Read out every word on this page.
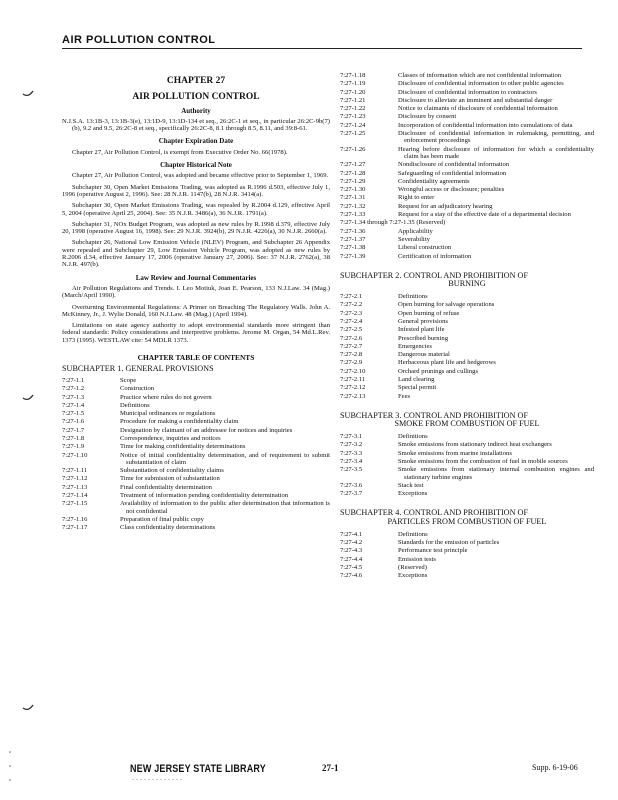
AIR POLLUTION CONTROL
CHAPTER 27
AIR POLLUTION CONTROL
Authority
N.J.S.A. 13:1B-3, 13:1B-3(e), 13:1D-9, 13:1D-134 et seq., 26:2C-1 et seq., in particular 26:2C-9b(7)(b), 9.2 and 9.5, 26:2C-8 et seq., specifically 26:2C-8, 8.1 through 8.5, 8.11, and 39:8-61.
Chapter Expiration Date
Chapter 27, Air Pollution Control, is exempt from Executive Order No. 66(1978).
Chapter Historical Note
Chapter 27, Air Pollution Control, was adopted and became effective prior to September 1, 1969.
Subchapter 30, Open Market Emissions Trading, was adopted as R.1996 d.503, effective July 1, 1996 (operative August 2, 1996). See: 28 N.J.R. 1147(b), 28 N.J.R. 3414(a).
Subchapter 30, Open Market Emissions Trading, was repealed by R.2004 d.129, effective April 5, 2004 (operative April 25, 2004). See: 35 N.J.R. 3486(a), 36 N.J.R. 1791(a).
Subchapter 31, NOx Budget Program, was adopted as new rules by R.1998 d.379, effective July 20, 1998 (operative August 16, 1998). See: 29 N.J.R. 3924(b), 29 N.J.R. 4226(a), 30 N.J.R. 2660(a).
Subchapter 26, National Low Emission Vehicle (NLEV) Program, and Subchapter 26 Appendix were repealed and Subchapter 29, Low Emission Vehicle Program, was adopted as new rules by R.2006 d.34, effective January 17, 2006 (operative January 27, 2006). See: 37 N.J.R. 2762(a), 38 N.J.R. 497(b).
Law Review and Journal Commentaries
Air Pollution Regulations and Trends. I. Leo Motiuk, Joan E. Pearson, 133 N.J.Law. 34 (Mag.) (March/April 1990).
Overturning Environmental Regulations: A Primer on Breaching The Regulatory Walls. John A. McKinney, Jr., J. Wylie Donald, 160 N.J.Law. 48 (Mag.) (April 1994).
Limitations on state agency authority to adopt environmental standards more stringent than federal standards: Policy considerations and interpretive problems. Jerome M. Organ, 54 Md.L.Rev. 1373 (1995). WESTLAW cite: 54 MDLR 1373.
CHAPTER TABLE OF CONTENTS
SUBCHAPTER 1. GENERAL PROVISIONS
7:27-1.1	Scope
7:27-1.2	Construction
7:27-1.3	Practice where rules do not govern
7:27-1.4	Definitions
7:27-1.5	Municipal ordinances or regulations
7:27-1.6	Procedure for making a confidentiality claim
7:27-1.7	Designation by claimant of an addressee for notices and inquiries
7:27-1.8	Correspondence, inquiries and notices
7:27-1.9	Time for making confidentiality determinations
7:27-1.10	Notice of initial confidentiality determination, and of requirement to submit substantiation of claim
7:27-1.11	Substantiation of confidentiality claims
7:27-1.12	Time for submission of substantiation
7:27-1.13	Final confidentiality determination
7:27-1.14	Treatment of information pending confidentiality determination
7:27-1.15	Availability of information to the public after determination that information is not confidential
7:27-1.16	Preparation of final public copy
7:27-1.17	Class confidentiality determinations
7:27-1.18	Classes of information which are not confidential information
7:27-1.19	Disclosure of confidential information to other public agencies
7:27-1.20	Disclosure of confidential information to contractors
7:27-1.21	Disclosure to alleviate an imminent and substantial danger
7:27-1.22	Notice to claimants of disclosure of confidential information
7:27-1.23	Disclosure by consent
7:27-1.24	Incorporation of confidential information into cumulations of data
7:27-1.25	Disclosure of confidential information in rulemaking, permitting, and enforcement proceedings
7:27-1.26	Hearing before disclosure of information for which a confidentiality claim has been made
7:27-1.27	Nondisclosure of confidential information
7:27-1.28	Safeguarding of confidential information
7:27-1.29	Confidentiality agreements
7:27-1.30	Wrongful access or disclosure; penalties
7:27-1.31	Right to enter
7:27-1.32	Request for an adjudicatory hearing
7:27-1.33	Request for a stay of the effective date of a departmental decision
7:27-1.34 through 7:27-1.35 (Reserved)
7:27-1.36	Applicability
7:27-1.37	Severability
7:27-1.38	Liberal construction
7:27-1.39	Certification of information
SUBCHAPTER 2. CONTROL AND PROHIBITION OF
BURNING
7:27-2.1	Definitions
7:27-2.2	Open burning for salvage operations
7:27-2.3	Open burning of refuse
7:27-2.4	General provisions
7:27-2.5	Infested plant life
7:27-2.6	Prescribed burning
7:27-2.7	Emergencies
7:27-2.8	Dangerous material
7:27-2.9	Herbaceous plant life and hedgerows
7:27-2.10	Orchard prunings and cullings
7:27-2.11	Land clearing
7:27-2.12	Special permit
7:27-2.13	Fees
SUBCHAPTER 3. CONTROL AND PROHIBITION OF
SMOKE FROM COMBUSTION OF FUEL
7:27-3.1	Definitions
7:27-3.2	Smoke emissions from stationary indirect heat exchangers
7:27-3.3	Smoke emissions from marine installations
7:27-3.4	Smoke emissions from the combustion of fuel in mobile sources
7:27-3.5	Smoke emissions from stationary internal combustion engines and stationary turbine engines
7:27-3.6	Stack test
7:27-3.7	Exceptions
SUBCHAPTER 4. CONTROL AND PROHIBITION OF
PARTICLES FROM COMBUSTION OF FUEL
7:27-4.1	Definitions
7:27-4.2	Standards for the emission of particles
7:27-4.3	Performance test principle
7:27-4.4	Emission tests
7:27-4.5	(Reserved)
7:27-4.6	Exceptions
NEW JERSEY STATE LIBRARY	27-1	Supp. 6-19-06
